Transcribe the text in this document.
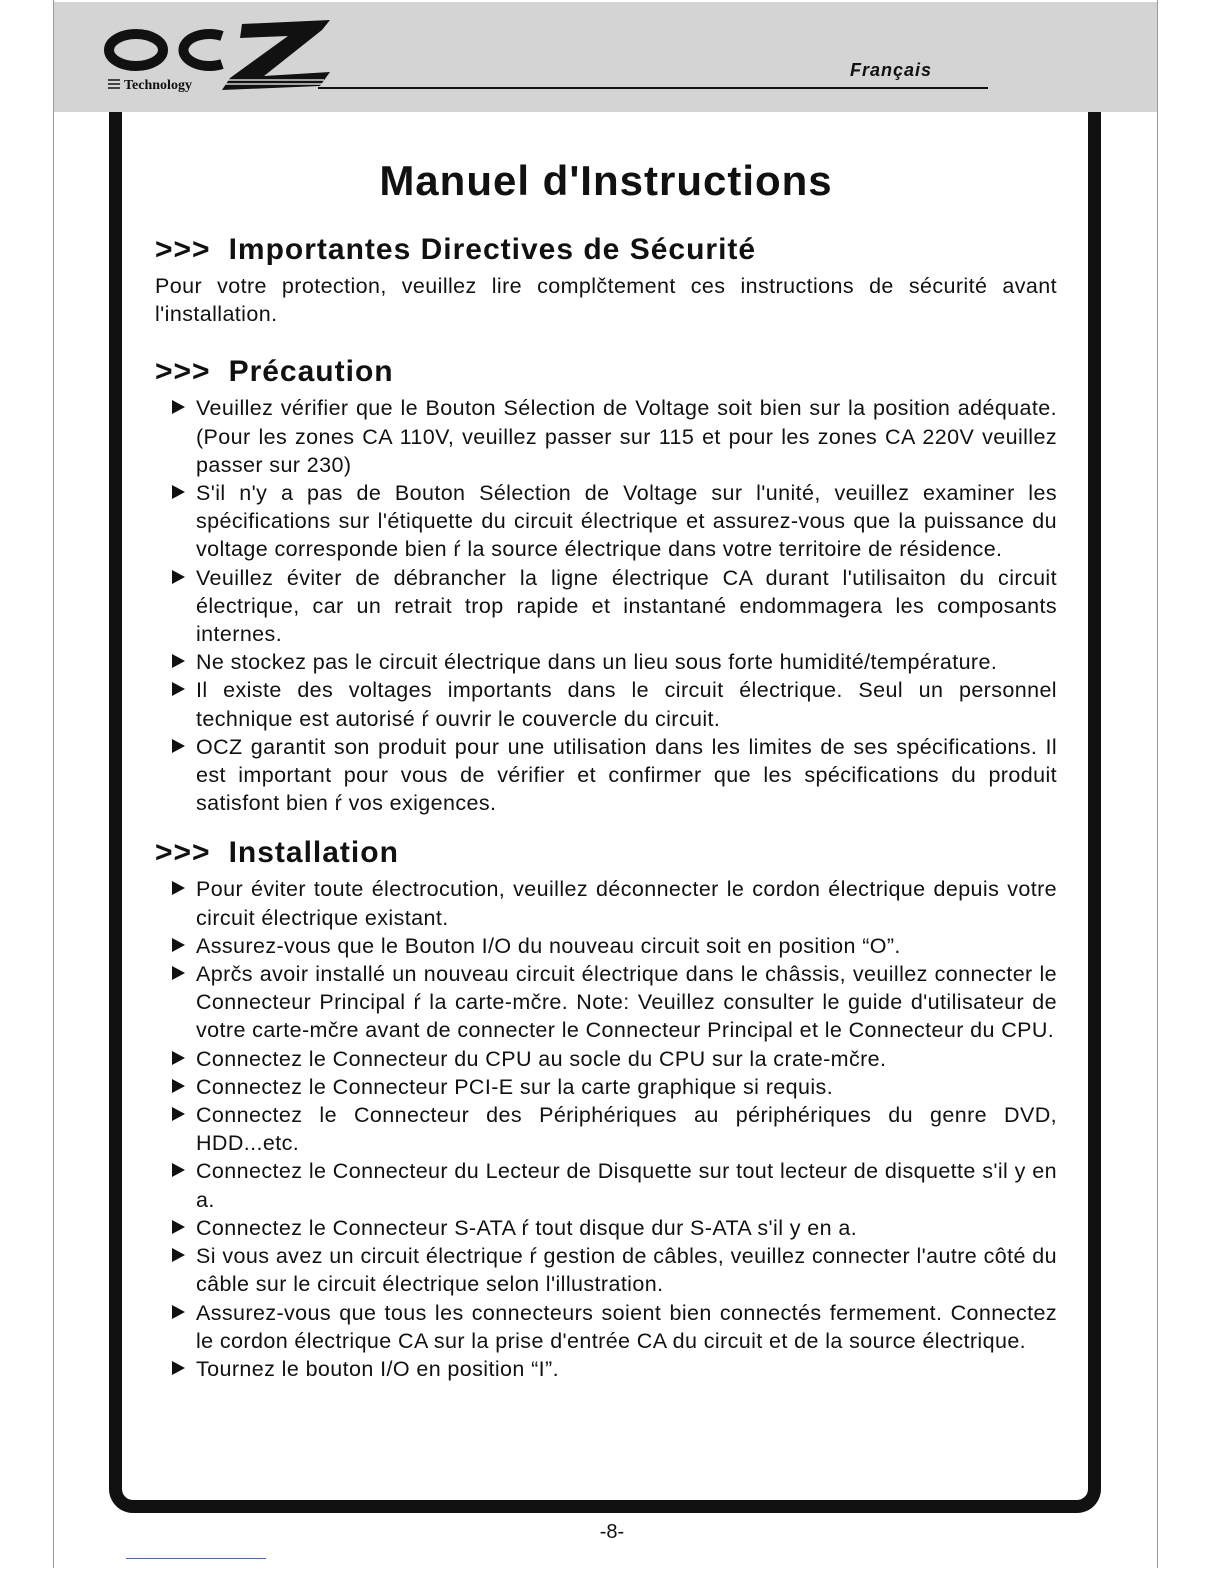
Technology
Français
Manuel d'Instructions
>>> Importantes Directives de Sécurité

Pour votre protection, veuillez lire complčtement ces instructions de sécurité avant l'installation.

>>> Précaution
Veuillez vérifier que le Bouton Sélection de Voltage soit bien sur la position adéquate. (Pour les zones CA 110V, veuillez passer sur 115 et pour les zones CA 220V veuillez passer sur 230)
S'il n'y a pas de Bouton Sélection de Voltage sur l'unité, veuillez examiner les spécifications sur l'étiquette du circuit électrique et assurez-vous que la puissance du voltage corresponde bien ŕ la source électrique dans votre territoire de résidence.
Veuillez éviter de débrancher la ligne électrique CA durant l'utilisaiton du circuit électrique, car un retrait trop rapide et instantané endommagera les composants internes.
Ne stockez pas le circuit électrique dans un lieu sous forte humidité/température.
Il existe des voltages importants dans le circuit électrique. Seul un personnel technique est autorisé ŕ ouvrir le couvercle du circuit.
OCZ garantit son produit pour une utilisation dans les limites de ses spécifications. Il est important pour vous de vérifier et confirmer que les spécifications du produit satisfont bien ŕ vos exigences.
>>> Installation
Pour éviter toute électrocution, veuillez déconnecter le cordon électrique depuis votre circuit électrique existant.
Assurez-vous que le Bouton I/O du nouveau circuit soit en position “O”.
Aprčs avoir installé un nouveau circuit électrique dans le châssis, veuillez connecter le Connecteur Principal ŕ la carte-mčre. Note: Veuillez consulter le guide d'utilisateur de votre carte-mčre avant de connecter le Connecteur Principal et le Connecteur du CPU.
Connectez le Connecteur du CPU au socle du CPU sur la crate-mčre.
Connectez le Connecteur PCI-E sur la carte graphique si requis.
Connectez le Connecteur des Périphériques au périphériques du genre DVD, HDD...etc.
Connectez le Connecteur du Lecteur de Disquette sur tout lecteur de disquette s'il y en a.
Connectez le Connecteur S-ATA ŕ tout disque dur S-ATA s'il y en a.
Si vous avez un circuit électrique ŕ gestion de câbles, veuillez connecter l'autre côté du câble sur le circuit électrique selon l'illustration.
Assurez-vous que tous les connecteurs soient bien connectés fermement. Connectez le cordon électrique CA sur la prise d'entrée CA du circuit et de la source électrique.
Tournez le bouton I/O en position “I”.
-8-
